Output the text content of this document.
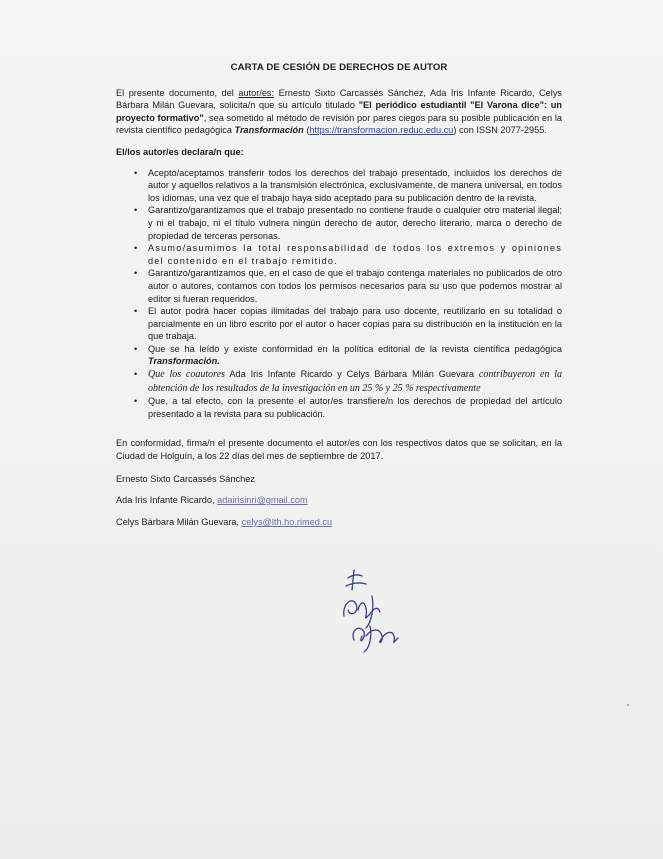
CARTA DE CESIÓN DE DERECHOS DE AUTOR

El presente documento, del autor/es: Ernesto Sixto Carcassés Sánchez, Ada Iris Infante Ricardo, Celys Bárbara Milán Guevara, solicita/n que su artículo titulado "El periódico estudiantil "El Varona dice": un proyecto formativo", sea sometido al método de revisión por pares ciegos para su posible publicación en la revista científico pedagógica Transformación (https://transformacion.reduc.edu.cu) con ISSN 2077-2955.

El/los autor/es declara/n que:

• Acepto/aceptamos transferir todos los derechos del trabajo presentado, incluidos los derechos de autor y aquellos relativos a la transmisión electrónica, exclusivamente, de manera universal, en todos los idiomas, una vez que el trabajo haya sido aceptado para su publicación dentro de la revista.
• Garantizo/garantizamos que el trabajo presentado no contiene fraude o cualquier otro material ilegal; y ni el trabajo, ni el título vulnera ningún derecho de autor, derecho literario, marca o derecho de propiedad de terceras personas.
• Asumo/asumimos la total responsabilidad de todos los extremos y opiniones del contenido en el trabajo remitido.
• Garantizo/garantizamos que, en el caso de que el trabajo contenga materiales no publicados de otro autor o autores, contamos con todos los permisos necesarios para su uso que podemos mostrar al editor si fueran requeridos.
• El autor podrá hacer copias ilimitadas del trabajo para uso docente, reutilizarlo en su totalidad o parcialmente en un libro escrito por el autor o hacer copias para su distribución en la institución en la que trabaja.
• Que se ha leído y existe conformidad en la política editorial de la revista científica pedagógica Transformación.
• Que los coautores Ada Iris Infante Ricardo y Celys Bárbara Milán Guevara contribuyeron en la obtención de los resultados de la investigación en un 25 % y 25 % respectivamente
• Que, a tal efecto, con la presente el autor/es transfiere/n los derechos de propiedad del artículo presentado a la revista para su publicación.

En conformidad, firma/n el presente documento el autor/es con los respectivos datos que se solicitan, en la Ciudad de Holguín, a los 22 días del mes de septiembre de 2017.

Ernesto Sixto Carcassés Sánchez

Ada Iris Infante Ricardo, adairisinri@gmail.com

Celys Bárbara Milán Guevara, celys@lth.ho.rimed.cu
